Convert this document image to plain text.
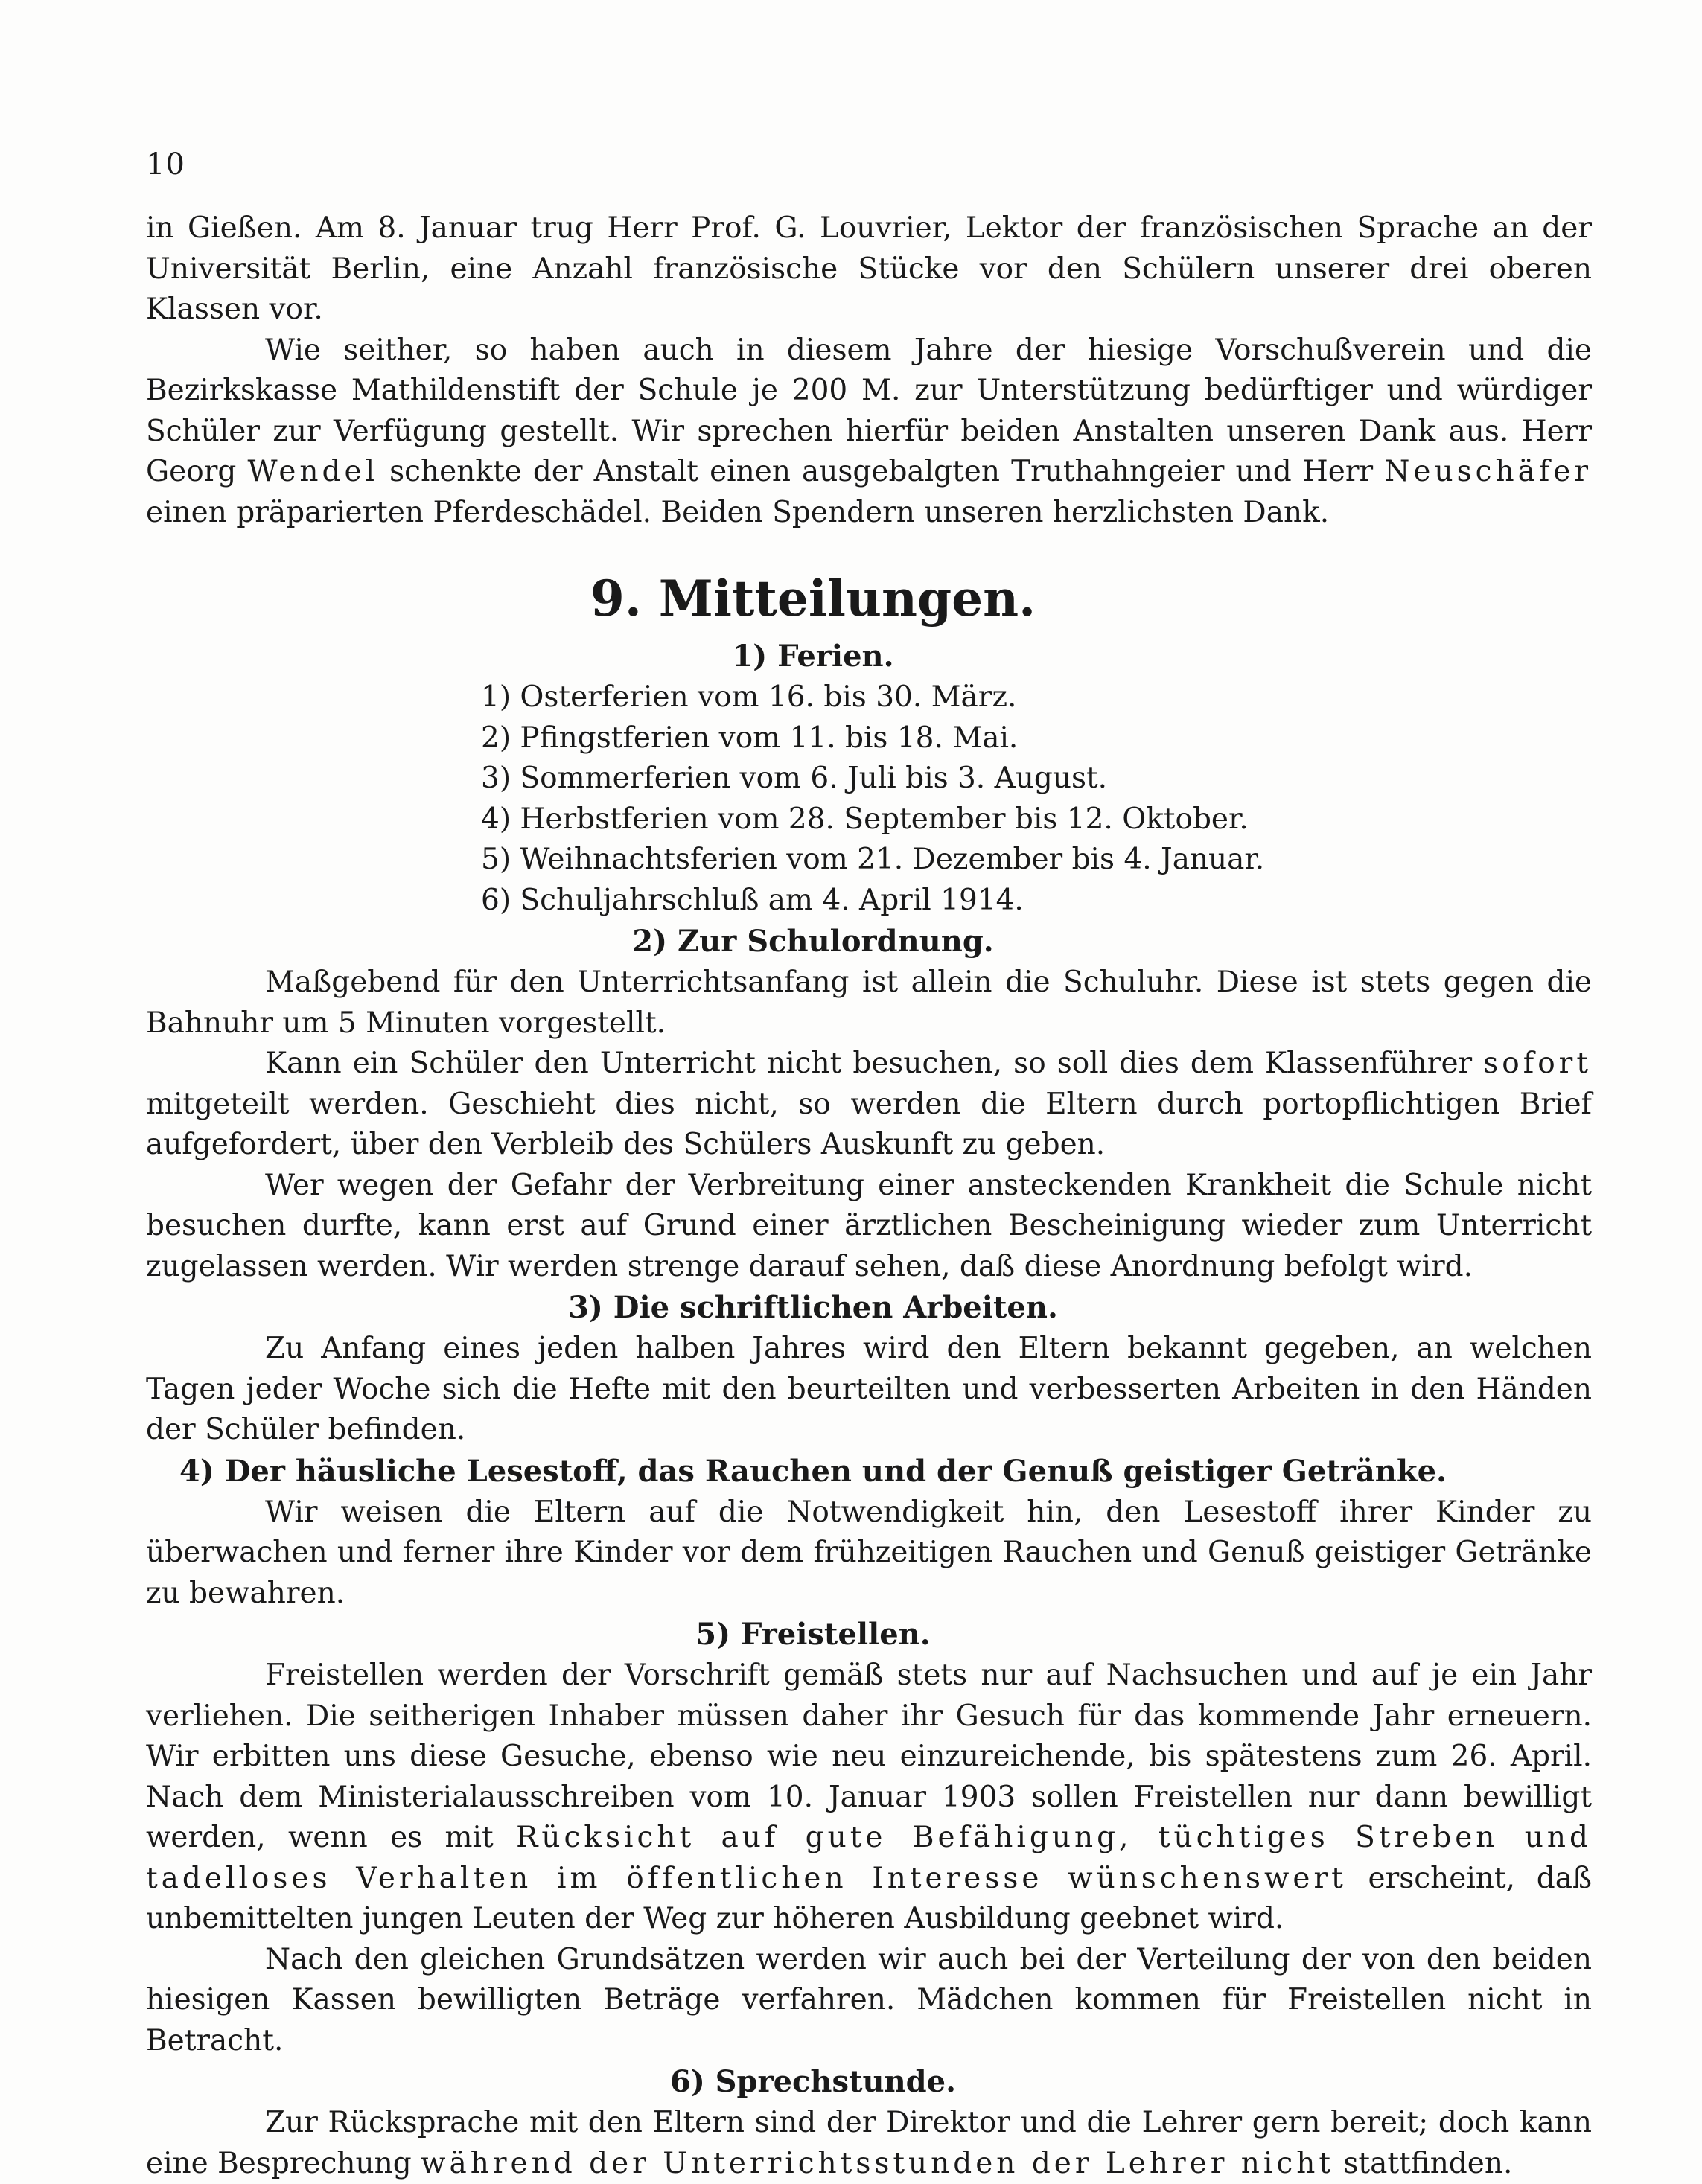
10

in Gießen. Am 8. Januar trug Herr Prof. G. Louvrier, Lektor der französischen Sprache an der Universität Berlin, eine Anzahl französische Stücke vor den Schülern unserer drei oberen Klassen vor.

Wie seither, so haben auch in diesem Jahre der hiesige Vorschußverein und die Bezirkskasse Mathildenstift der Schule je 200 M. zur Unterstützung bedürftiger und würdiger Schüler zur Verfügung gestellt. Wir sprechen hierfür beiden Anstalten unseren Dank aus. Herr Georg Wendel schenkte der Anstalt einen ausgebalgten Truthahngeier und Herr Neuschäfer einen präparierten Pferdeschädel. Beiden Spendern unseren herzlichsten Dank.

9. Mitteilungen.

1) Ferien.

1) Osterferien vom 16. bis 30. März.
2) Pfingstferien vom 11. bis 18. Mai.
3) Sommerferien vom 6. Juli bis 3. August.
4) Herbstferien vom 28. September bis 12. Oktober.
5) Weihnachtsferien vom 21. Dezember bis 4. Januar.
6) Schuljahrschluß am 4. April 1914.

2) Zur Schulordnung.

Maßgebend für den Unterrichtsanfang ist allein die Schuluhr. Diese ist stets gegen die Bahnuhr um 5 Minuten vorgestellt.

Kann ein Schüler den Unterricht nicht besuchen, so soll dies dem Klassenführer sofort mitgeteilt werden. Geschieht dies nicht, so werden die Eltern durch portopflichtigen Brief aufgefordert, über den Verbleib des Schülers Auskunft zu geben.

Wer wegen der Gefahr der Verbreitung einer ansteckenden Krankheit die Schule nicht besuchen durfte, kann erst auf Grund einer ärztlichen Bescheinigung wieder zum Unterricht zugelassen werden. Wir werden strenge darauf sehen, daß diese Anordnung befolgt wird.

3) Die schriftlichen Arbeiten.

Zu Anfang eines jeden halben Jahres wird den Eltern bekannt gegeben, an welchen Tagen jeder Woche sich die Hefte mit den beurteilten und verbesserten Arbeiten in den Händen der Schüler befinden.

4) Der häusliche Lesestoff, das Rauchen und der Genuß geistiger Getränke.

Wir weisen die Eltern auf die Notwendigkeit hin, den Lesestoff ihrer Kinder zu überwachen und ferner ihre Kinder vor dem frühzeitigen Rauchen und Genuß geistiger Getränke zu bewahren.

5) Freistellen.

Freistellen werden der Vorschrift gemäß stets nur auf Nachsuchen und auf je ein Jahr verliehen. Die seitherigen Inhaber müssen daher ihr Gesuch für das kommende Jahr erneuern. Wir erbitten uns diese Gesuche, ebenso wie neu einzureichende, bis spätestens zum 26. April. Nach dem Ministerialausschreiben vom 10. Januar 1903 sollen Freistellen nur dann bewilligt werden, wenn es mit Rücksicht auf gute Befähigung, tüchtiges Streben und tadelloses Verhalten im öffentlichen Interesse wünschenswert erscheint, daß unbemittelten jungen Leuten der Weg zur höheren Ausbildung geebnet wird.

Nach den gleichen Grundsätzen werden wir auch bei der Verteilung der von den beiden hiesigen Kassen bewilligten Beträge verfahren. Mädchen kommen für Freistellen nicht in Betracht.

6) Sprechstunde.

Zur Rücksprache mit den Eltern sind der Direktor und die Lehrer gern bereit; doch kann eine Besprechung während der Unterrichtsstunden der Lehrer nicht stattfinden.
